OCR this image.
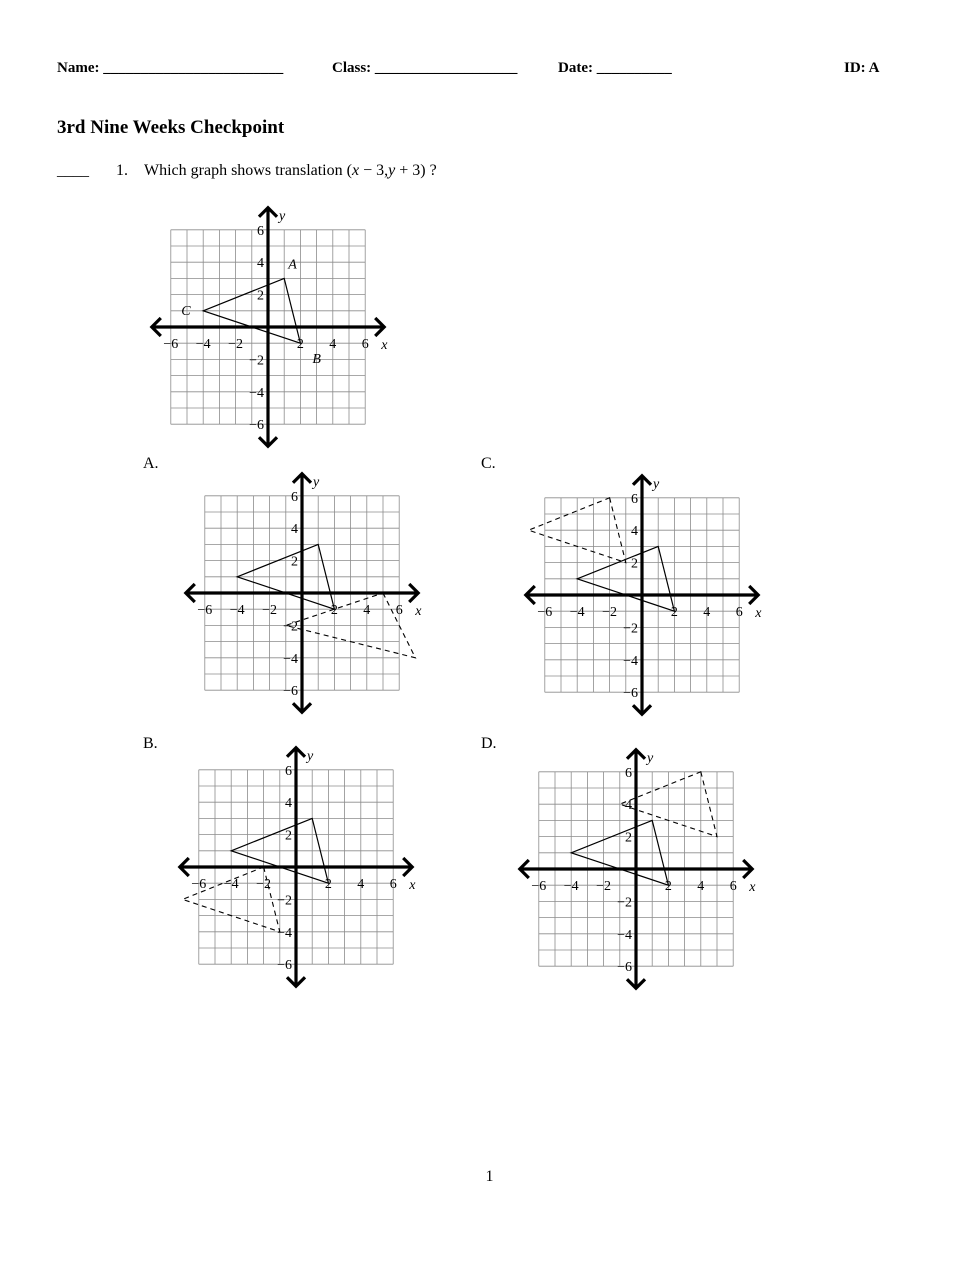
Name: ________________________	Class: ___________________	Date: __________	ID: A
3rd Nine Weeks Checkpoint
____ 1. Which graph shows translation (x − 3,y + 3) ?
−6 −4 −2	2 4 6
6
4
2
−2
−4
−6
x
y
A
B
C
−6 −4 −2	2 4 6
6
4
2
−2
−4
−6
x
y
−6 −4 −2	2 4 6
6
4
2
−2
−4
−6
x
y
−6 −4 −2	2 4 6
6
4
2
−2
−4
−6
x
y
−6 −4 −2	2 4 6
6
4
2
−2
−4
−6
x
y
A.	C.
B.	D.
1
